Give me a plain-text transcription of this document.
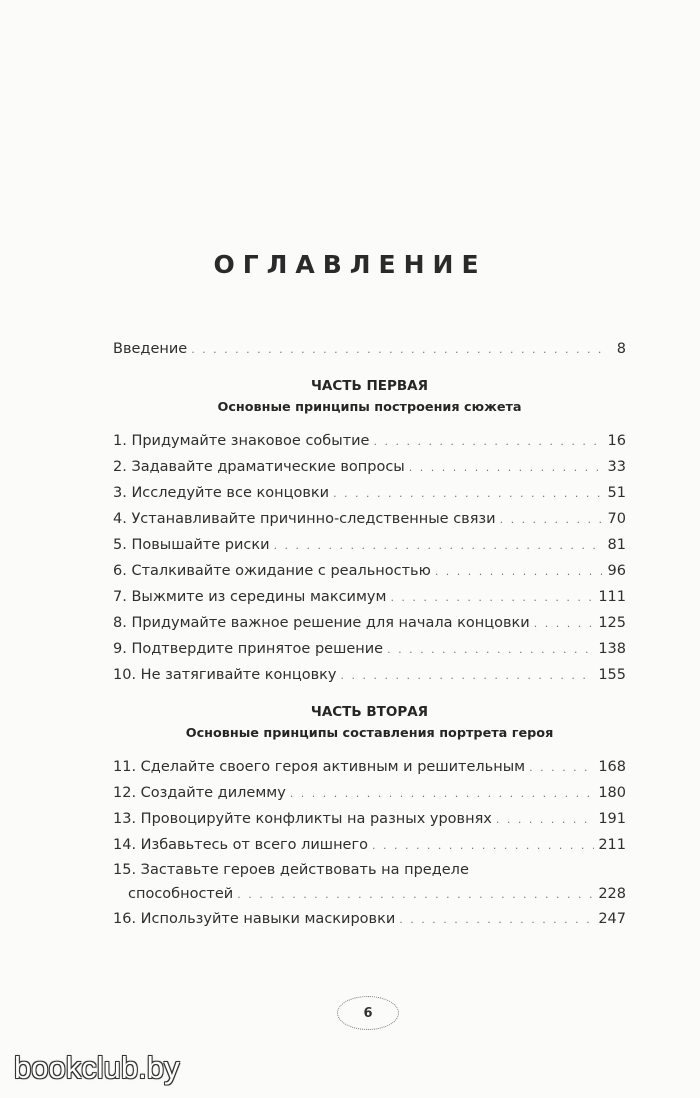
ОГЛАВЛЕНИЕ
Введение . . .	8
ЧАСТЬ ПЕРВАЯ
Основные принципы построения сюжета
1. Придумайте знаковое событие . . .	16
2. Задавайте драматические вопросы . . .	33
3. Исследуйте все концовки . . .	51
4. Устанавливайте причинно-следственные связи . . .	70
5. Повышайте риски . . .	81
6. Сталкивайте ожидание с реальностью . . .	96
7. Выжмите из середины максимум . . .	111
8. Придумайте важное решение для начала концовки . . .	125
9. Подтвердите принятое решение . . .	138
10. Не затягивайте концовку . . .	155
ЧАСТЬ ВТОРАЯ
Основные принципы составления портрета героя
11. Сделайте своего героя активным и решительным . . .	168
12. Создайте дилемму . . .	180
13. Провоцируйте конфликты на разных уровнях . . .	191
14. Избавьтесь от всего лишнего . . .	211
15. Заставьте героев действовать на пределе
способностей . . .	228
16. Используйте навыки маскировки . . .	247
6
bookclub.by
